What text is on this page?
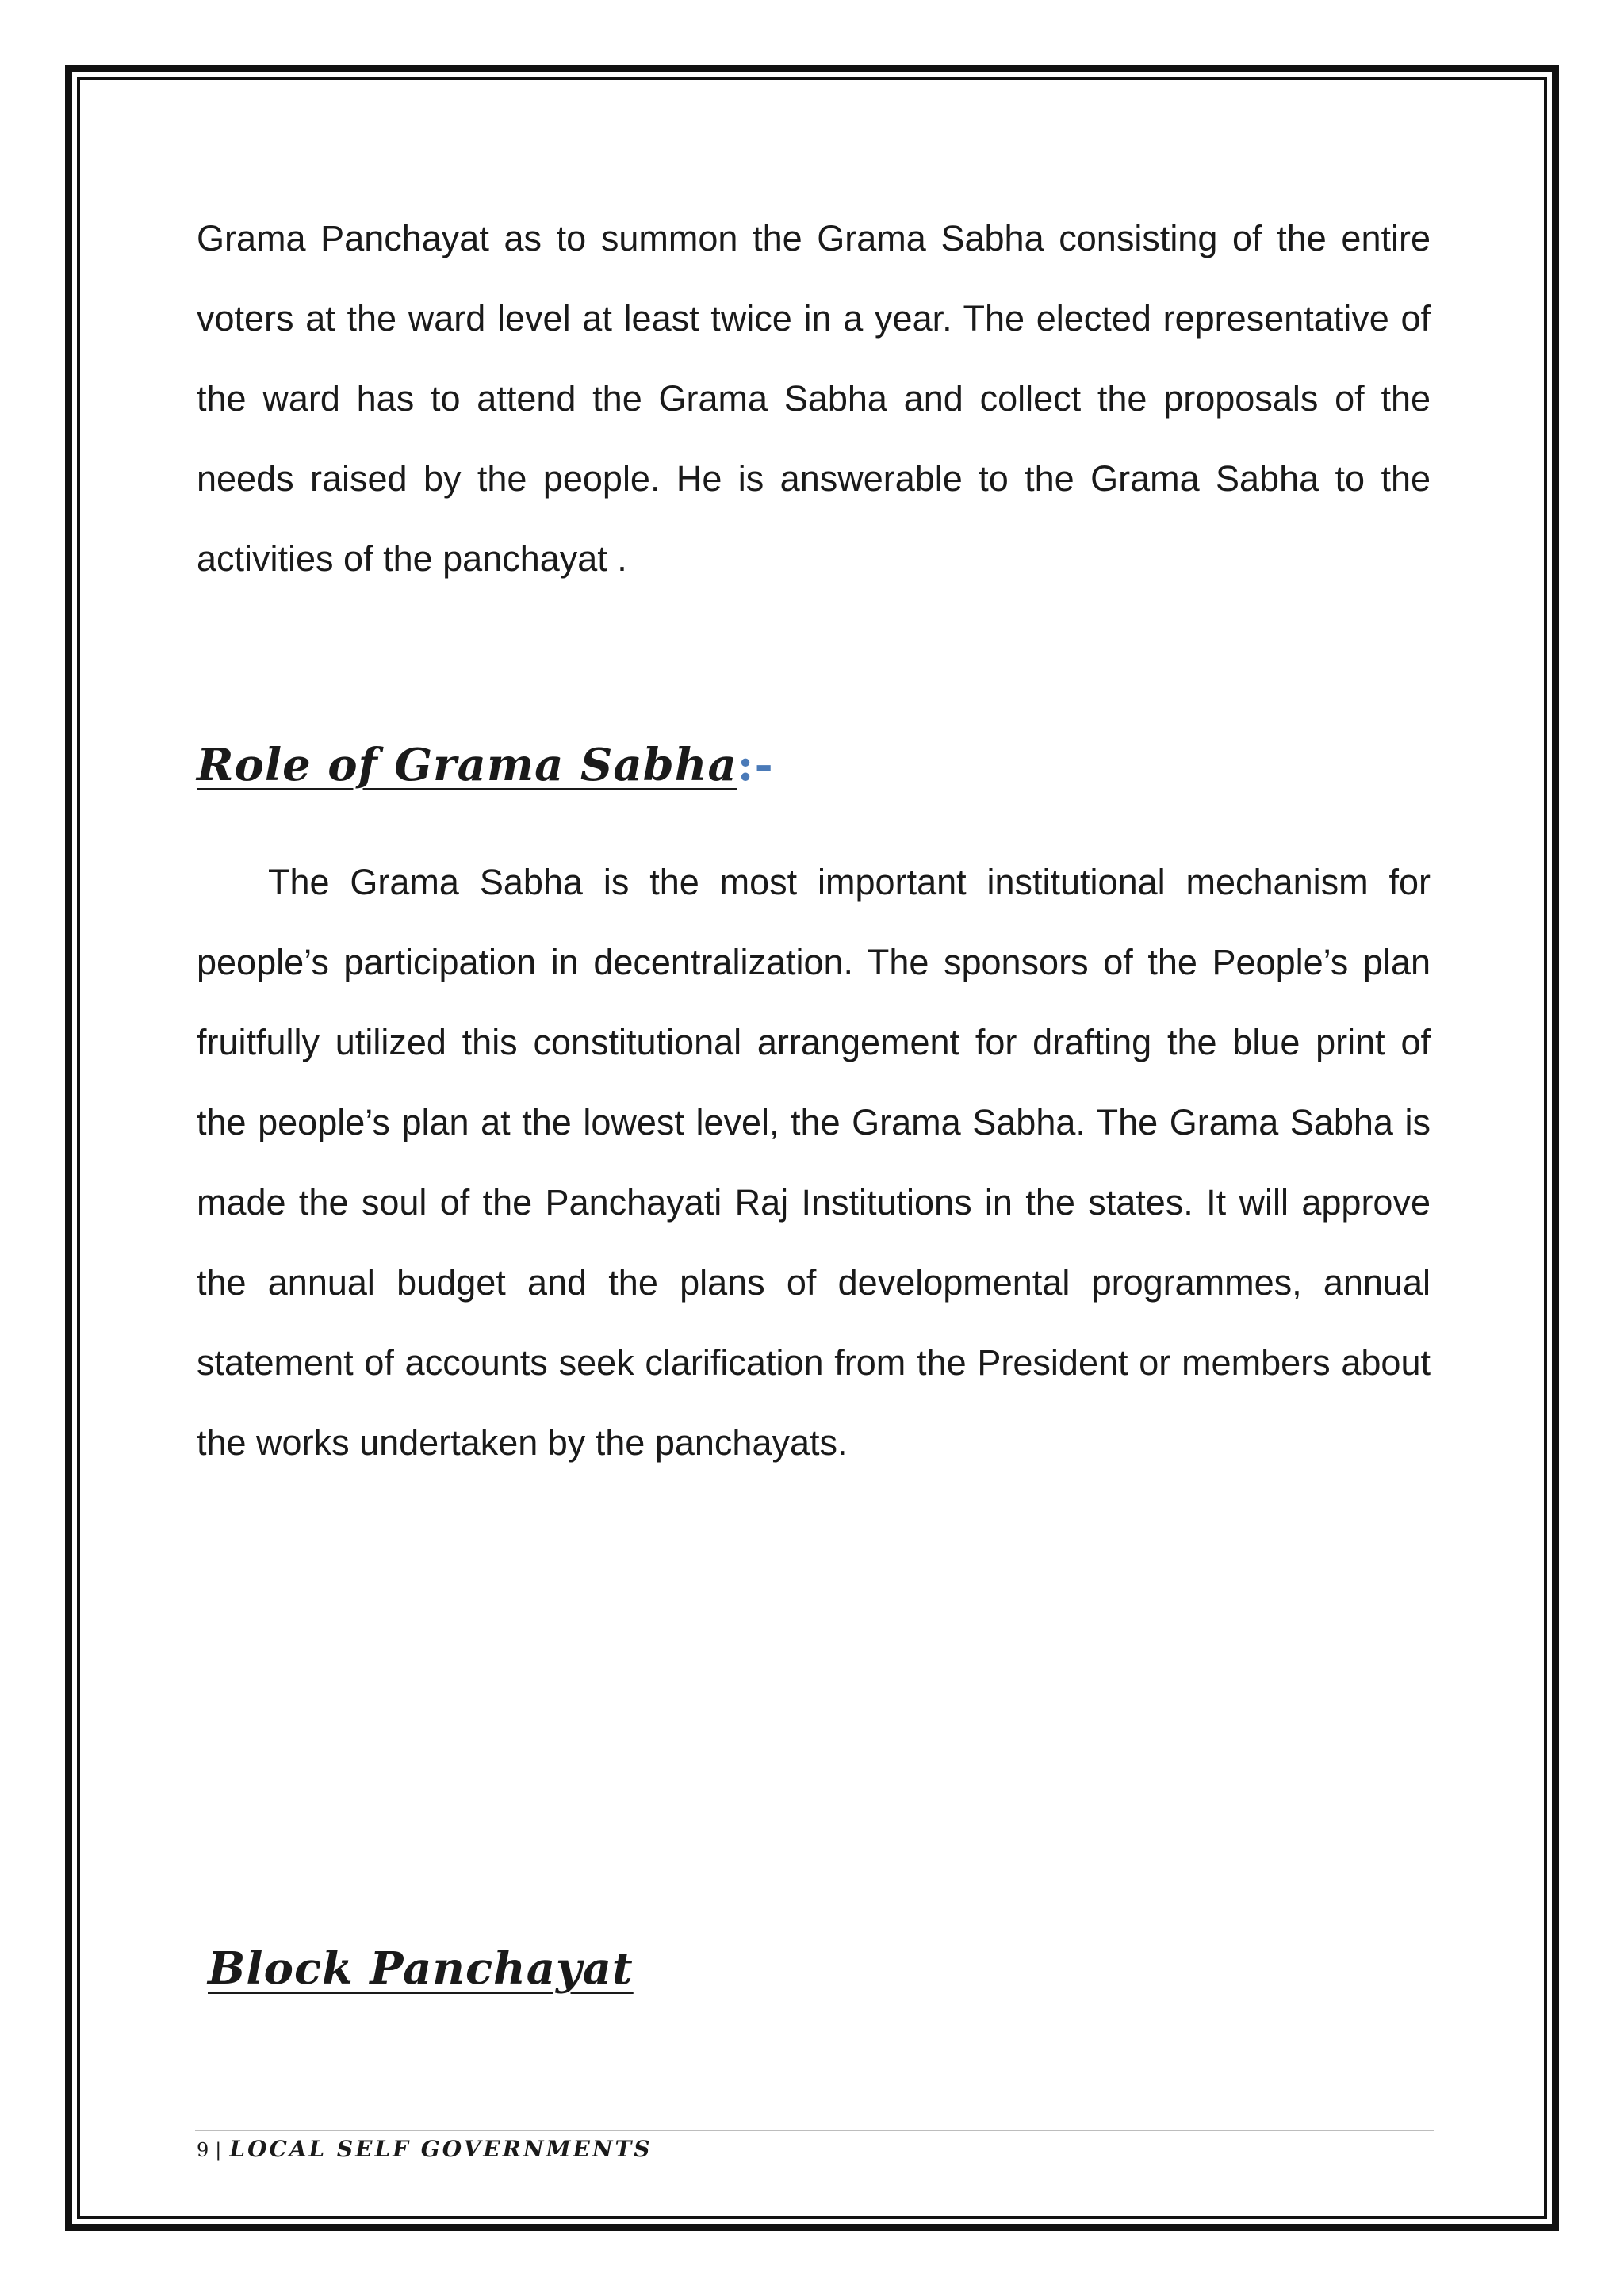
Grama Panchayat as to summon the Grama Sabha consisting of the entire voters at the ward level at least twice in a year. The elected representative of the ward has to attend the Grama Sabha and collect the proposals of the needs raised by the people. He is answerable to the Grama Sabha to the activities of the panchayat .

Role of Grama Sabha:-

The Grama Sabha is the most important institutional mechanism for people’s participation in decentralization. The sponsors of the People’s plan fruitfully utilized this constitutional arrangement for drafting the blue print of the people’s plan at the lowest level, the Grama Sabha. The Grama Sabha is made the soul of the Panchayati Raj Institutions in the states. It will approve the annual budget and the plans of developmental programmes, annual statement of accounts seek clarification from the President or members about the works undertaken by the panchayats.

Block Panchayat
9 | LOCAL SELF GOVERNMENTS
